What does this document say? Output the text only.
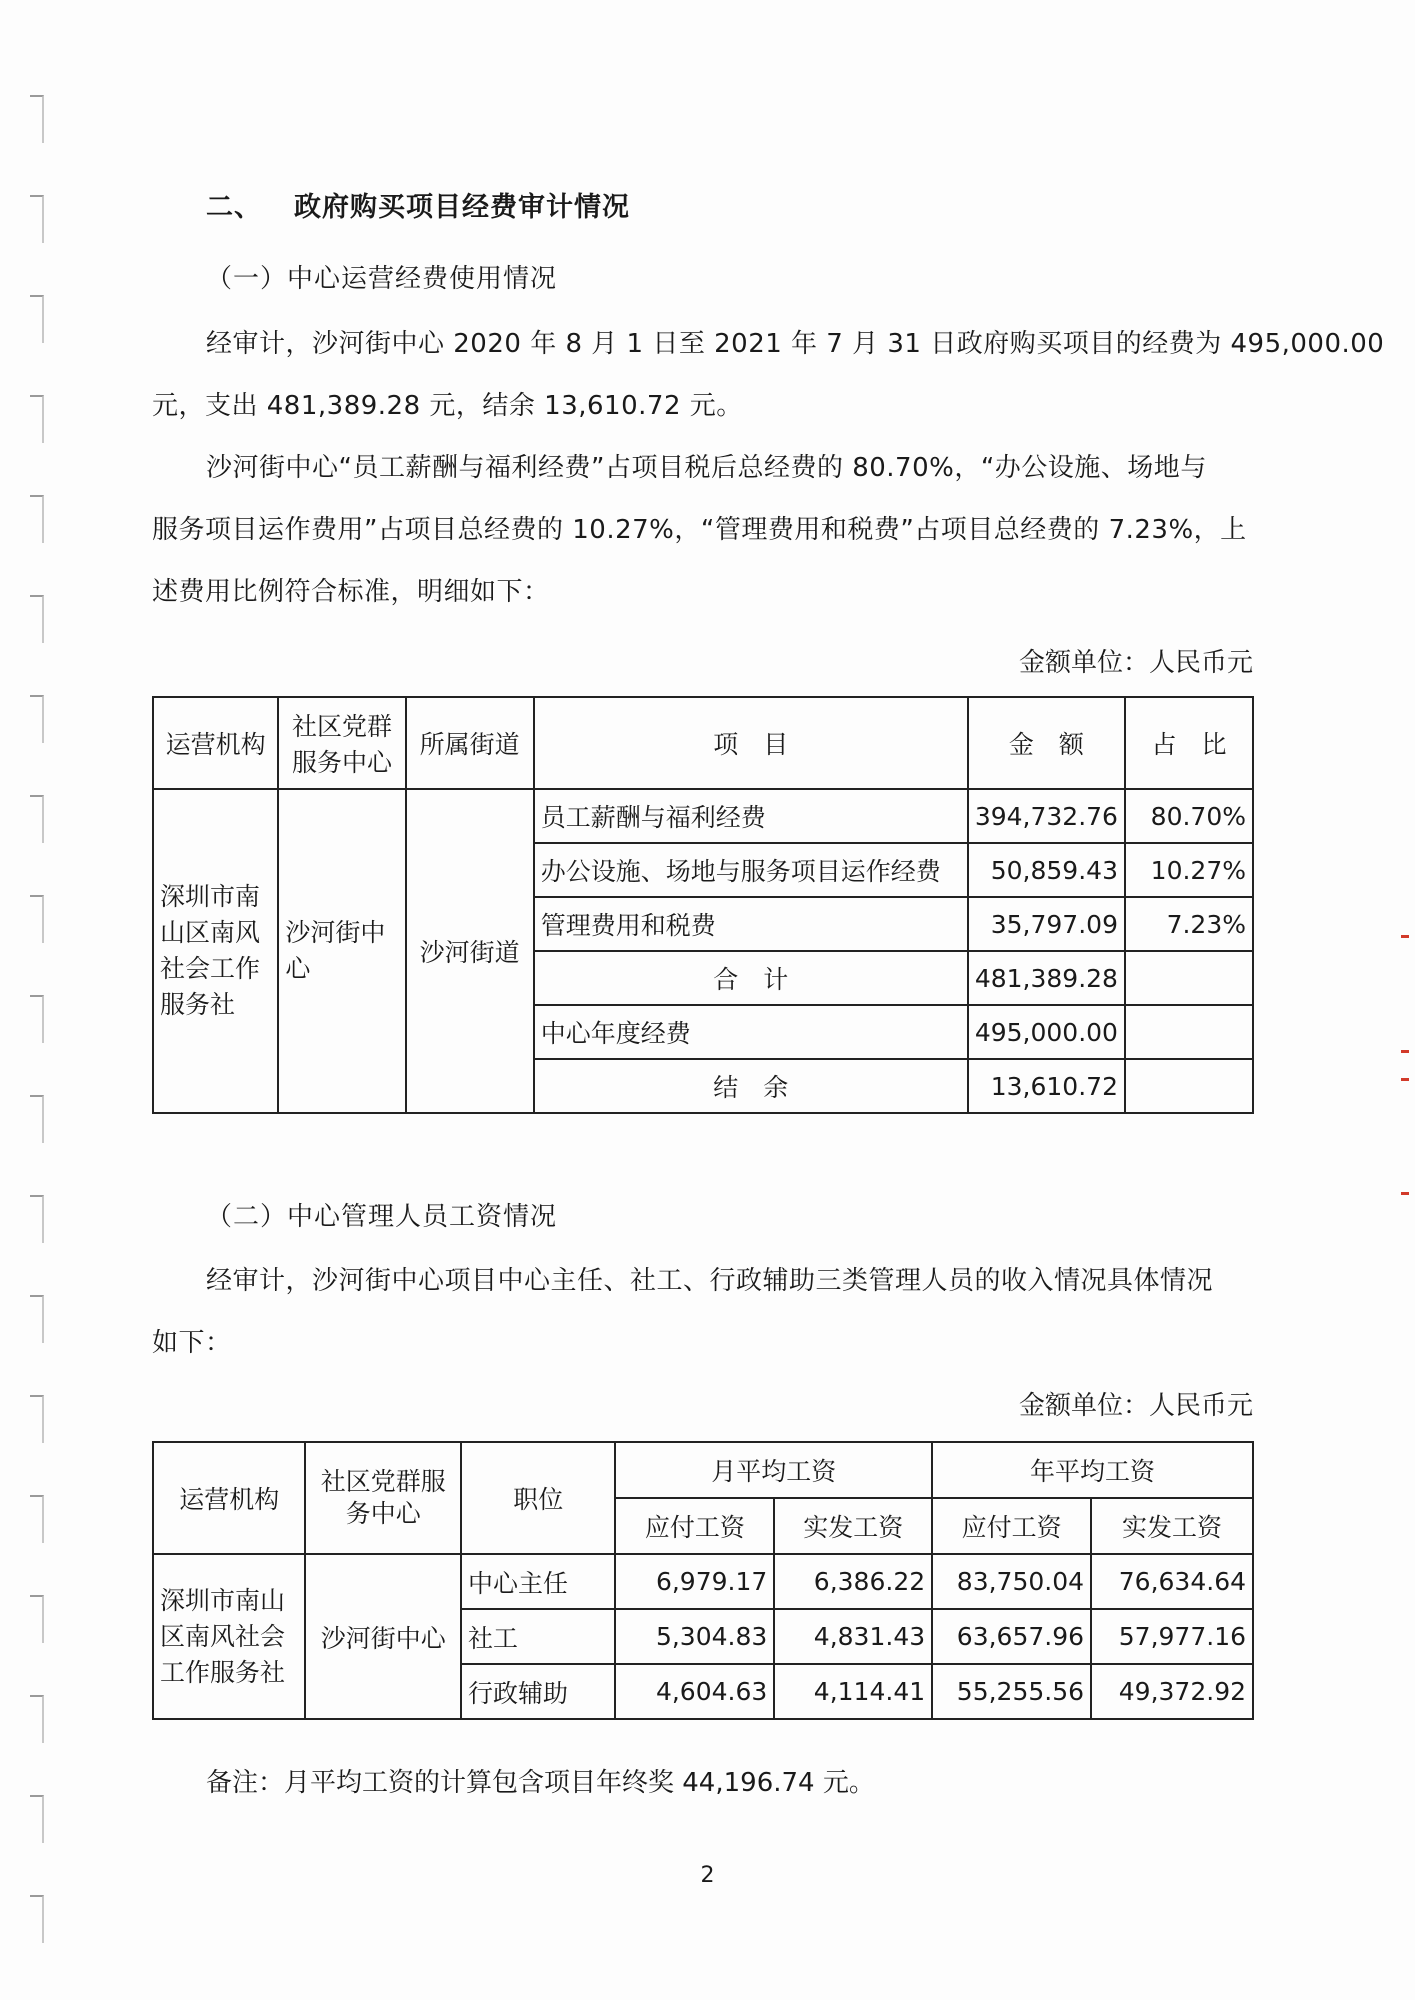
二、 政府购买项目经费审计情况
（一）中心运营经费使用情况
经审计，沙河街中心 2020 年 8 月 1 日至 2021 年 7 月 31 日政府购买项目的经费为 495,000.00
元，支出 481,389.28 元，结余 13,610.72 元。
沙河街中心“员工薪酬与福利经费”占项目税后总经费的 80.70%，“办公设施、场地与
服务项目运作费用”占项目总经费的 10.27%，“管理费用和税费”占项目总经费的 7.23%，上
述费用比例符合标准，明细如下：
金额单位：人民币元
运营机构	社区党群服务中心	所属街道	项　目	金　额	占　比
深圳市南山区南风社会工作服务社	沙河街中心	沙河街道	员工薪酬与福利经费	394,732.76	80.70%
			办公设施、场地与服务项目运作经费	50,859.43	10.27%
			管理费用和税费	35,797.09	7.23%
			合　计	481,389.28	
			中心年度经费	495,000.00	
			结　余	13,610.72	
（二）中心管理人员工资情况
经审计，沙河街中心项目中心主任、社工、行政辅助三类管理人员的收入情况具体情况
如下：
金额单位：人民币元
运营机构	社区党群服务中心	职位	月平均工资		年平均工资	
			应付工资	实发工资	应付工资	实发工资
深圳市南山区南风社会工作服务社	沙河街中心	中心主任	6,979.17	6,386.22	83,750.04	76,634.64
		社工	5,304.83	4,831.43	63,657.96	57,977.16
		行政辅助	4,604.63	4,114.41	55,255.56	49,372.92
备注：月平均工资的计算包含项目年终奖 44,196.74 元。
2
